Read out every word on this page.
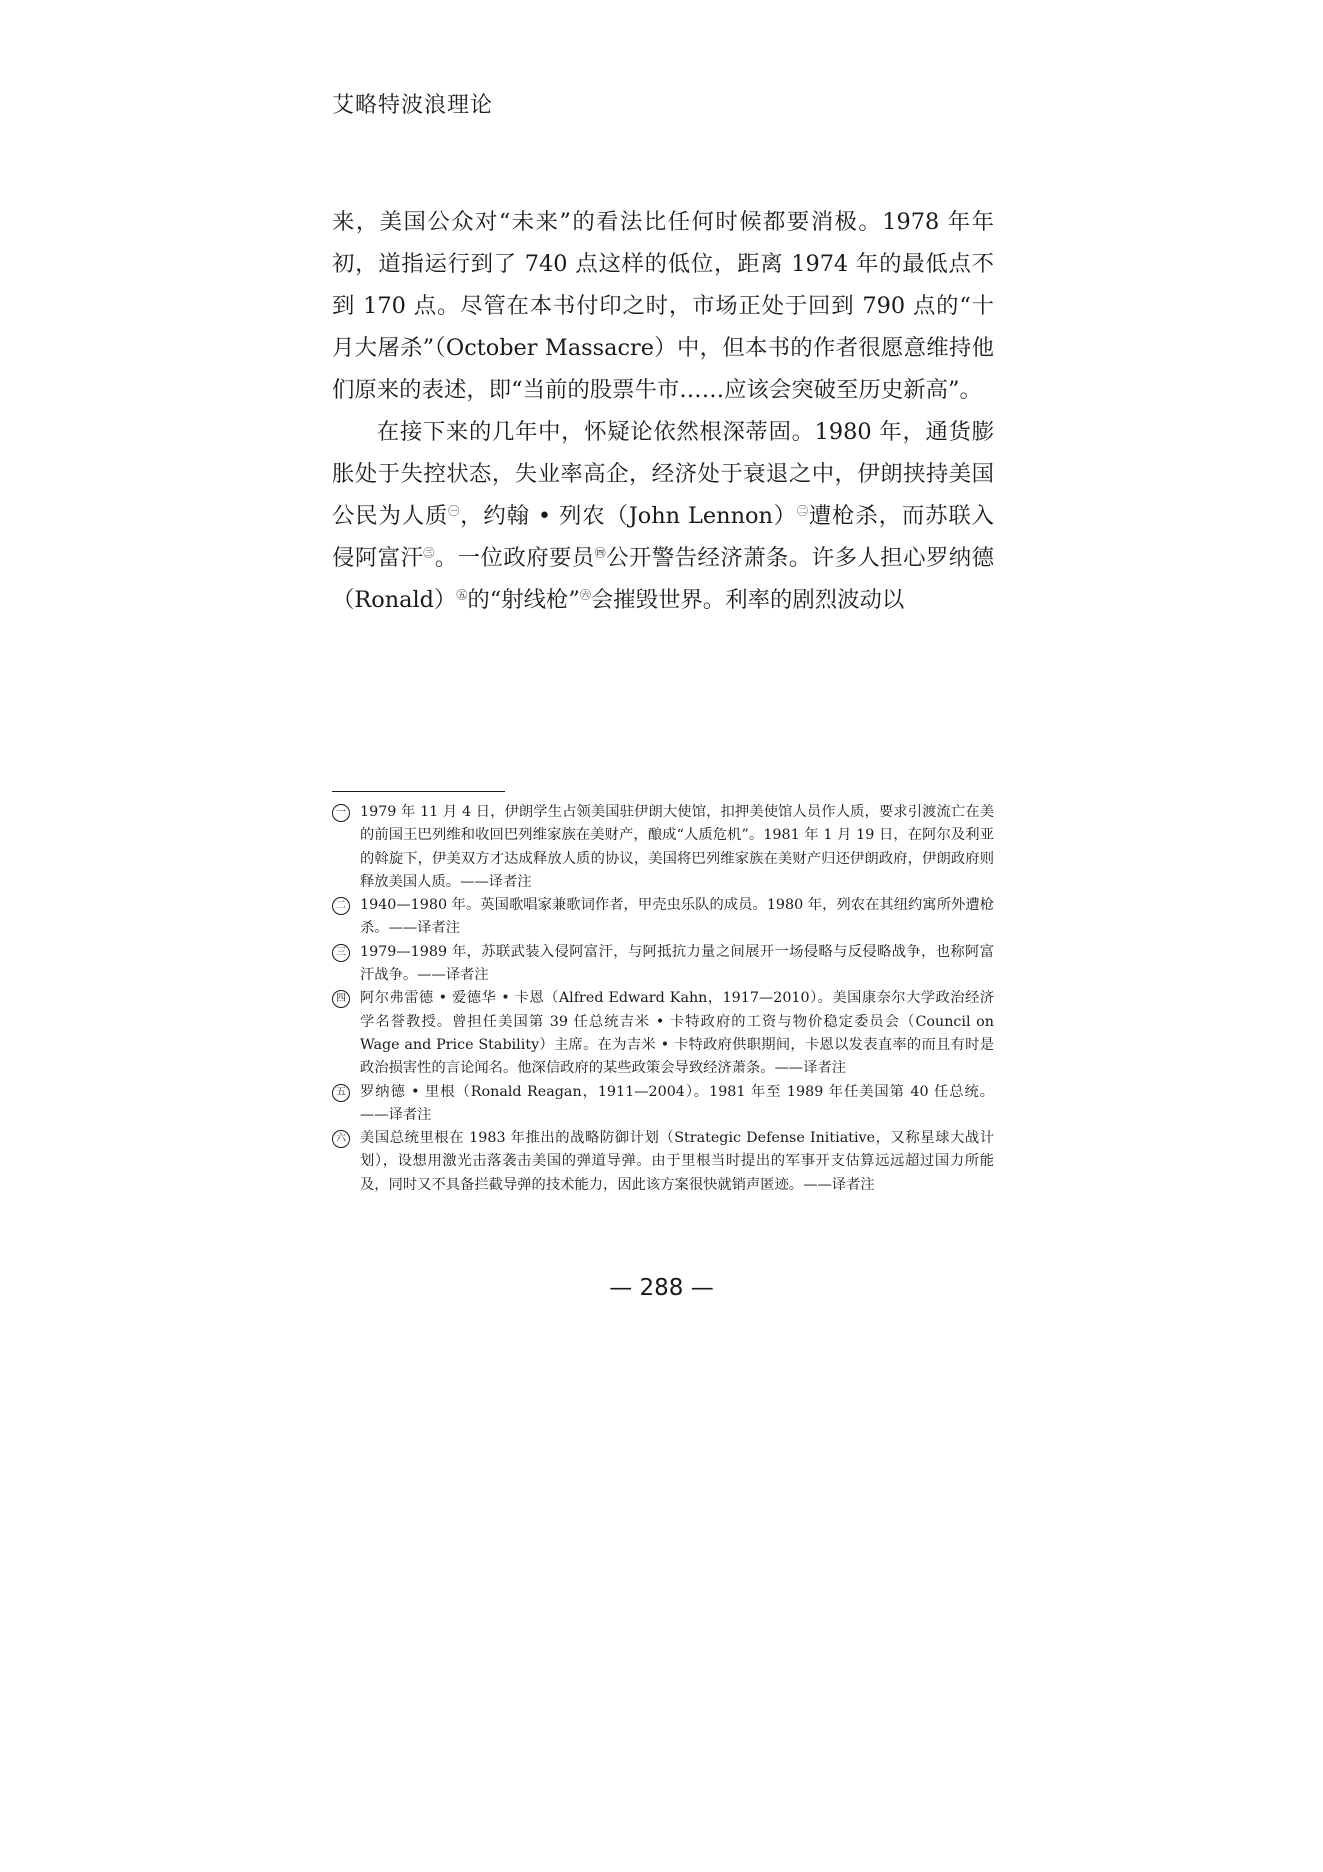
艾略特波浪理论

来，美国公众对“未来”的看法比任何时候都要消极。1978 年年初，道指运行到了 740 点这样的低位，距离 1974 年的最低点不到 170 点。尽管在本书付印之时，市场正处于回到 790 点的“十月大屠杀”（October Massacre）中，但本书的作者很愿意维持他们原来的表述，即“当前的股票牛市……应该会突破至历史新高”。

在接下来的几年中，怀疑论依然根深蒂固。1980 年，通货膨胀处于失控状态，失业率高企，经济处于衰退之中，伊朗挟持美国公民为人质$^㊀$，约翰 • 列农（John Lennon）$^㊁$遭枪杀，而苏联入侵阿富汗$^㊂$。一位政府要员$^㊃$公开警告经济萧条。许多人担心罗纳德（Ronald）$^㊄$的“射线枪”$^㊅$会摧毁世界。利率的剧烈波动以

一 1979 年 11 月 4 日，伊朗学生占领美国驻伊朗大使馆，扣押美使馆人员作人质，要求引渡流亡在美的前国王巴列维和收回巴列维家族在美财产，酿成“人质危机”。1981 年 1 月 19 日，在阿尔及利亚的斡旋下，伊美双方才达成释放人质的协议，美国将巴列维家族在美财产归还伊朗政府，伊朗政府则释放美国人质。——译者注
二 1940—1980 年。英国歌唱家兼歌词作者，甲壳虫乐队的成员。1980 年，列农在其纽约寓所外遭枪杀。——译者注
三 1979—1989 年，苏联武装入侵阿富汗，与阿抵抗力量之间展开一场侵略与反侵略战争，也称阿富汗战争。——译者注
四 阿尔弗雷德 • 爱德华 • 卡恩（Alfred Edward Kahn，1917—2010）。美国康奈尔大学政治经济学名誉教授。曾担任美国第 39 任总统吉米 • 卡特政府的工资与物价稳定委员会（Council on Wage and Price Stability）主席。在为吉米 • 卡特政府供职期间，卡恩以发表直率的而且有时是政治损害性的言论闻名。他深信政府的某些政策会导致经济萧条。——译者注
五 罗纳德 • 里根（Ronald Reagan，1911—2004）。1981 年至 1989 年任美国第 40 任总统。——译者注
六 美国总统里根在 1983 年推出的战略防御计划（Strategic Defense Initiative，又称星球大战计划），设想用激光击落袭击美国的弹道导弹。由于里根当时提出的军事开支估算远远超过国力所能及，同时又不具备拦截导弹的技术能力，因此该方案很快就销声匿迹。——译者注
— 288 —
